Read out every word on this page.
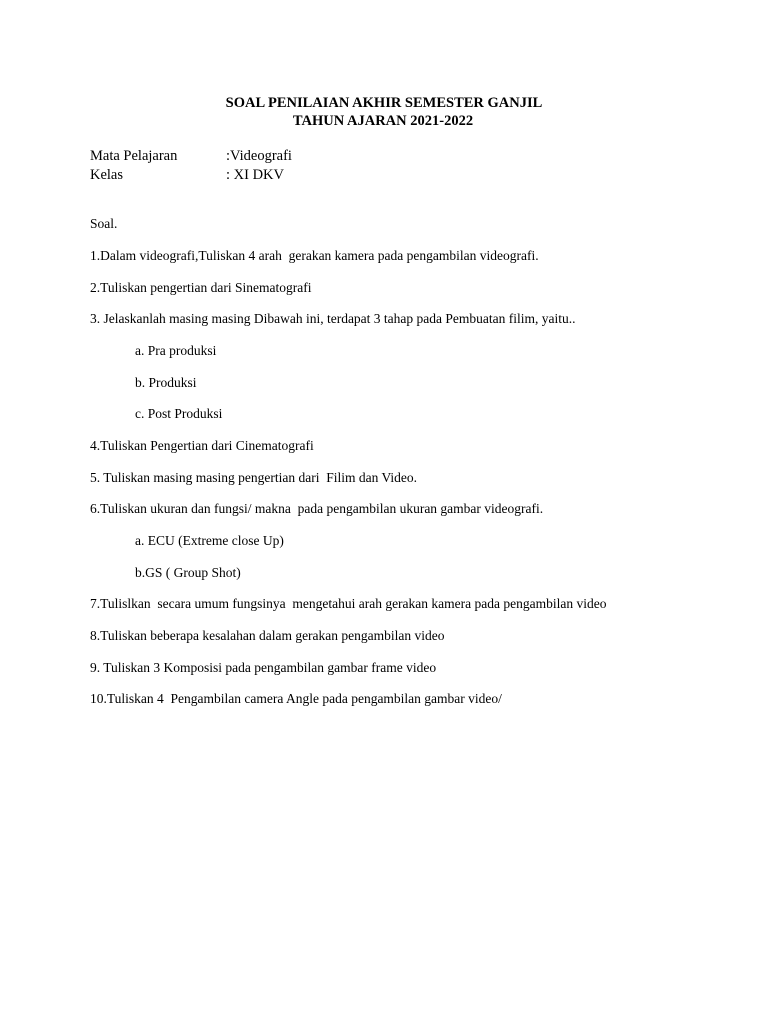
SOAL PENILAIAN AKHIR SEMESTER GANJIL
TAHUN AJARAN 2021-2022
Mata Pelajaran	:Videografi
Kelas	: XI DKV
Soal.
1.Dalam videografi,Tuliskan 4 arah  gerakan kamera pada pengambilan videografi.
2.Tuliskan pengertian dari Sinematografi
3. Jelaskanlah masing masing Dibawah ini, terdapat 3 tahap pada Pembuatan filim, yaitu..
a. Pra produksi
b. Produksi
c. Post Produksi
4.Tuliskan Pengertian dari Cinematografi
5. Tuliskan masing masing pengertian dari  Filim dan Video.
6.Tuliskan ukuran dan fungsi/ makna  pada pengambilan ukuran gambar videografi.
a. ECU (Extreme close Up)
b.GS ( Group Shot)
7.Tulislkan  secara umum fungsinya  mengetahui arah gerakan kamera pada pengambilan video
8.Tuliskan beberapa kesalahan dalam gerakan pengambilan video
9. Tuliskan 3 Komposisi pada pengambilan gambar frame video
10.Tuliskan 4  Pengambilan camera Angle pada pengambilan gambar video/
